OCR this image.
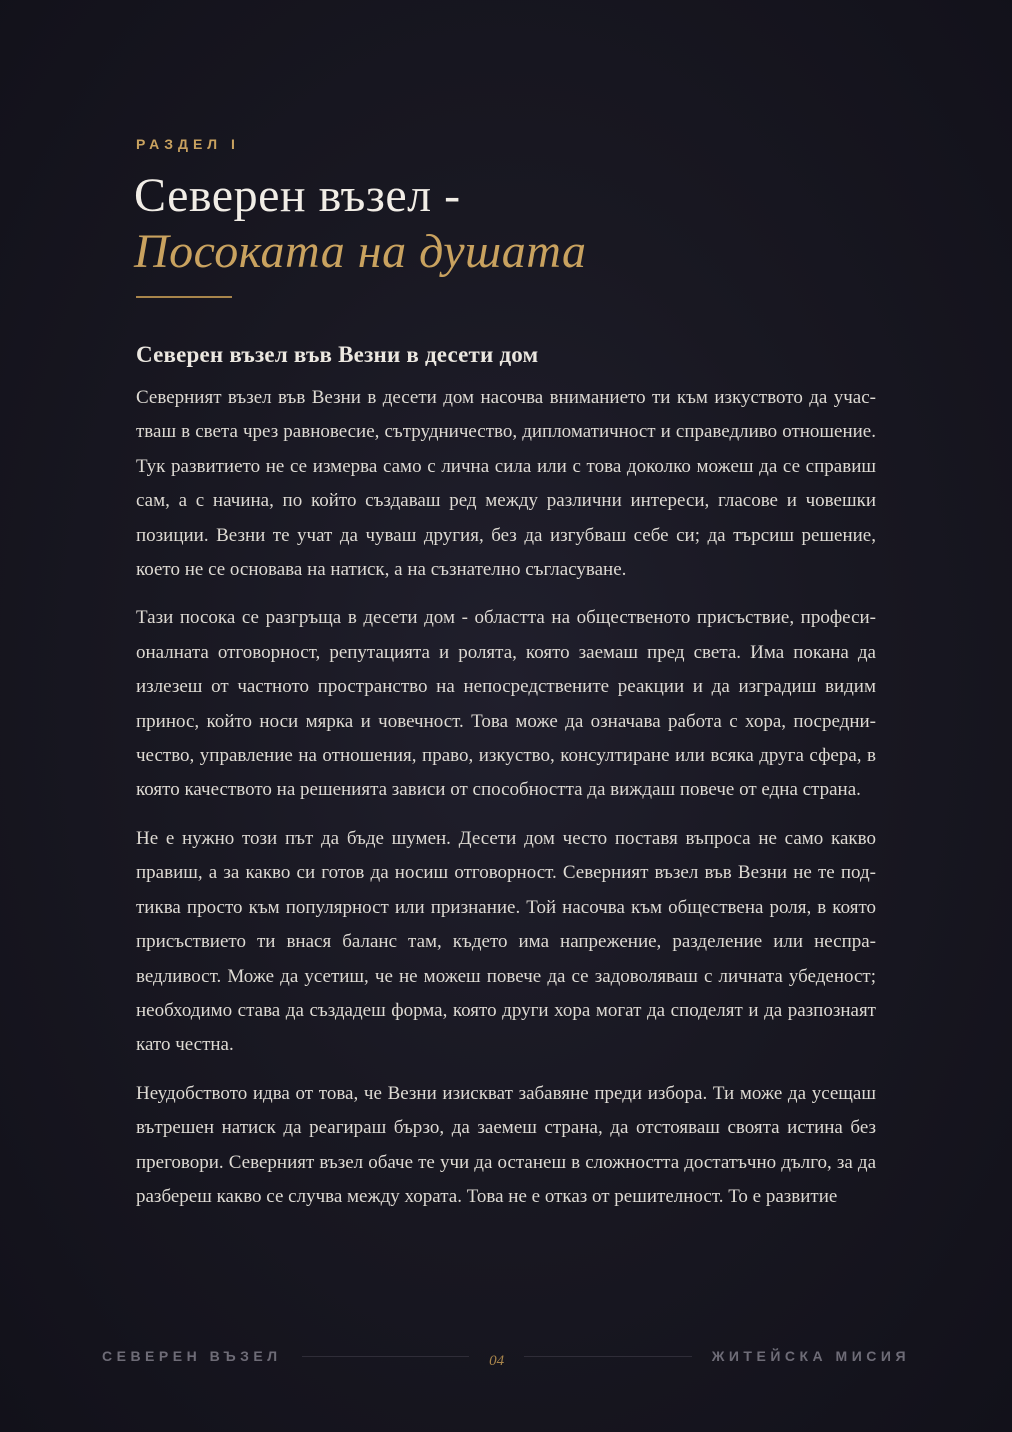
РАЗДЕЛ I
Северен възел -
Посоката на душата
Северен възел във Везни в десети дом

Северният възел във Везни в десети дом насочва вниманието ти към изкуството да участваш в света чрез равновесие, сътрудничество, дипломатичност и справедливо отношение. Тук развитието не се измерва само с лична сила или с това доколко можеш да се справиш сам, а с начина, по който създаваш ред между различни интереси, гласове и човешки позиции. Везни те учат да чуваш другия, без да изгубваш себе си; да търсиш решение, което не се основава на натиск, а на съзнателно съгласуване.

Тази посока се разгръща в десети дом - областта на общественото присъствие, професионалната отговорност, репутацията и ролята, която заемаш пред света. Има покана да излезеш от частното пространство на непосредствените реакции и да изградиш видим принос, който носи мярка и човечност. Това може да означава работа с хора, посредничество, управление на отношения, право, изкуство, консултиране или всяка друга сфера, в която качеството на решенията зависи от способността да виждаш повече от една страна.

Не е нужно този път да бъде шумен. Десети дом често поставя въпроса не само какво правиш, а за какво си готов да носиш отговорност. Северният възел във Везни не те подтиква просто към популярност или признание. Той насочва към обществена роля, в която присъствието ти внася баланс там, където има напрежение, разделение или несправедливост. Може да усетиш, че не можеш повече да се задоволяваш с личната убеденост; необходимо става да създадеш форма, която други хора могат да споделят и да разпознаят като честна.

Неудобството идва от това, че Везни изискват забавяне преди избора. Ти може да усещаш вътрешен натиск да реагираш бързо, да заемеш страна, да отстояваш своята истина без преговори. Северният възел обаче те учи да останеш в сложността достатъчно дълго, за да разбереш какво се случва между хората. Това не е отказ от решителност. То е развитие

СЕВЕРЕН ВЪЗЕЛ	04	ЖИТЕЙСКА МИСИЯ
